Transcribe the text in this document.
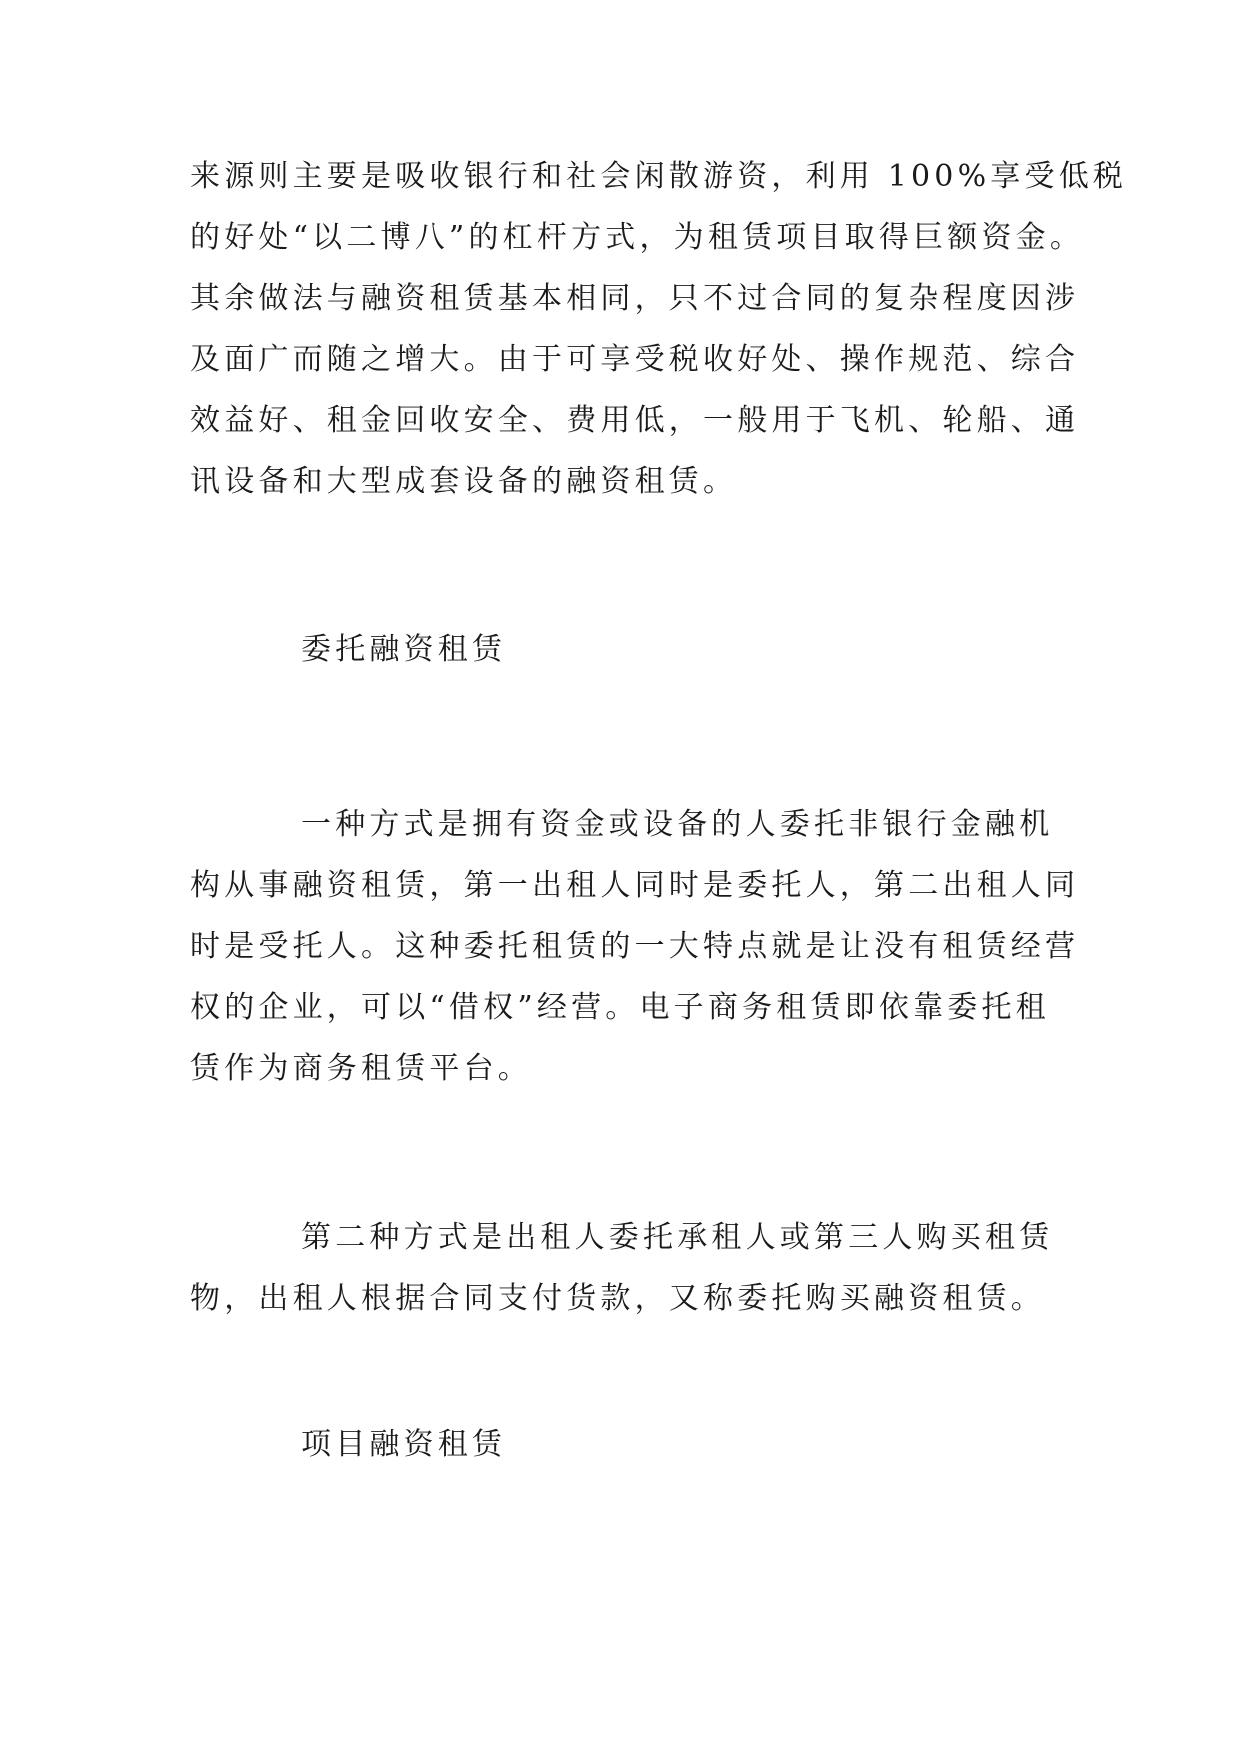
来源则主要是吸收银行和社会闲散游资，利用 100%享受低税
的好处“以二博八”的杠杆方式，为租赁项目取得巨额资金。
其余做法与融资租赁基本相同，只不过合同的复杂程度因涉
及面广而随之增大。由于可享受税收好处、操作规范、综合
效益好、租金回收安全、费用低，一般用于飞机、轮船、通
讯设备和大型成套设备的融资租赁。
委托融资租赁
一种方式是拥有资金或设备的人委托非银行金融机
构从事融资租赁，第一出租人同时是委托人，第二出租人同
时是受托人。这种委托租赁的一大特点就是让没有租赁经营
权的企业，可以“借权”经营。电子商务租赁即依靠委托租
赁作为商务租赁平台。
第二种方式是出租人委托承租人或第三人购买租赁
物，出租人根据合同支付货款，又称委托购买融资租赁。
项目融资租赁
